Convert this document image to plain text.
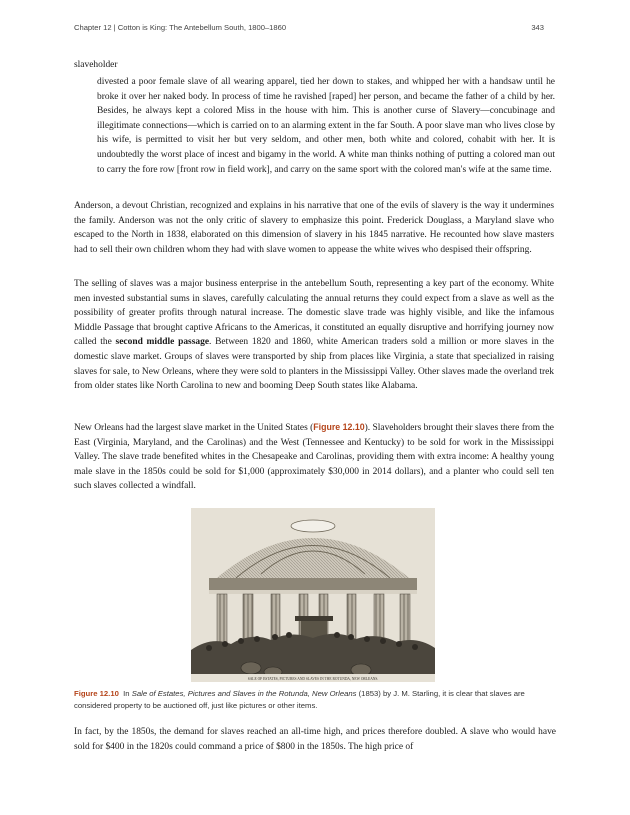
Chapter 12 | Cotton is King: The Antebellum South, 1800–1860	343
slaveholder

divested a poor female slave of all wearing apparel, tied her down to stakes, and whipped her with a handsaw until he broke it over her naked body. In process of time he ravished [raped] her person, and became the father of a child by her. Besides, he always kept a colored Miss in the house with him. This is another curse of Slavery—concubinage and illegitimate connections—which is carried on to an alarming extent in the far South. A poor slave man who lives close by his wife, is permitted to visit her but very seldom, and other men, both white and colored, cohabit with her. It is undoubtedly the worst place of incest and bigamy in the world. A white man thinks nothing of putting a colored man out to carry the fore row [front row in field work], and carry on the same sport with the colored man's wife at the same time.

Anderson, a devout Christian, recognized and explains in his narrative that one of the evils of slavery is the way it undermines the family. Anderson was not the only critic of slavery to emphasize this point. Frederick Douglass, a Maryland slave who escaped to the North in 1838, elaborated on this dimension of slavery in his 1845 narrative. He recounted how slave masters had to sell their own children whom they had with slave women to appease the white wives who despised their offspring.

The selling of slaves was a major business enterprise in the antebellum South, representing a key part of the economy. White men invested substantial sums in slaves, carefully calculating the annual returns they could expect from a slave as well as the possibility of greater profits through natural increase. The domestic slave trade was highly visible, and like the infamous Middle Passage that brought captive Africans to the Americas, it constituted an equally disruptive and horrifying journey now called the second middle passage. Between 1820 and 1860, white American traders sold a million or more slaves in the domestic slave market. Groups of slaves were transported by ship from places like Virginia, a state that specialized in raising slaves for sale, to New Orleans, where they were sold to planters in the Mississippi Valley. Other slaves made the overland trek from older states like North Carolina to new and booming Deep South states like Alabama.

New Orleans had the largest slave market in the United States (Figure 12.10). Slaveholders brought their slaves there from the East (Virginia, Maryland, and the Carolinas) and the West (Tennessee and Kentucky) to be sold for work in the Mississippi Valley. The slave trade benefited whites in the Chesapeake and Carolinas, providing them with extra income: A healthy young male slave in the 1850s could be sold for $1,000 (approximately $30,000 in 2014 dollars), and a planter who could sell ten such slaves collected a windfall.

SALE OF ESTATES, PICTURES AND SLAVES IN THE ROTUNDA, NEW ORLEANS.

Figure 12.10 In Sale of Estates, Pictures and Slaves in the Rotunda, New Orleans (1853) by J. M. Starling, it is clear that slaves are considered property to be auctioned off, just like pictures or other items.

In fact, by the 1850s, the demand for slaves reached an all-time high, and prices therefore doubled. A slave who would have sold for $400 in the 1820s could command a price of $800 in the 1850s. The high price of
